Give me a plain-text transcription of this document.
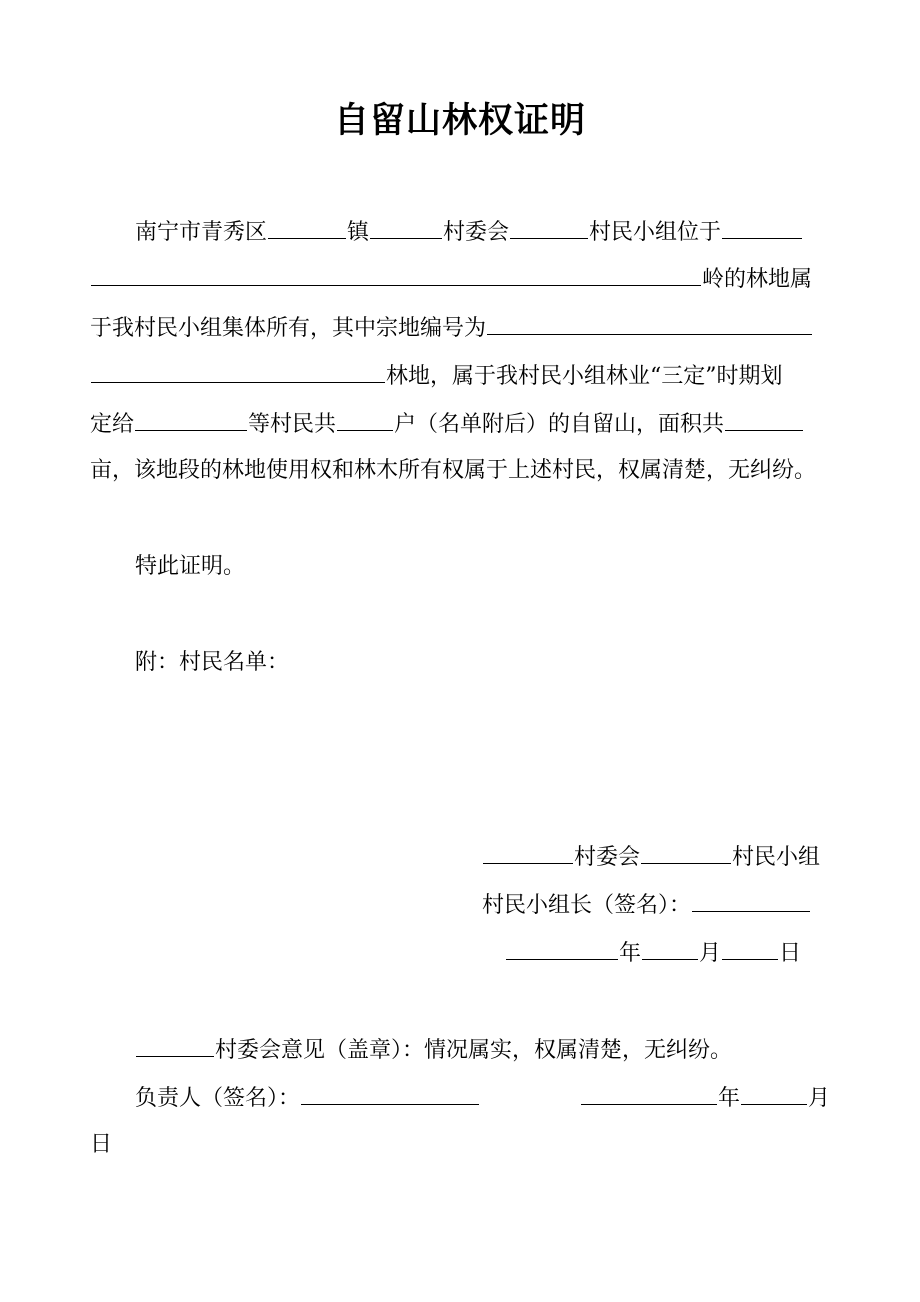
自留山林权证明
南宁市青秀区	镇	村委会	村民小组位于
岭的林地属
于我村民小组集体所有，其中宗地编号为
林地，属于我村民小组林业“三定”时期划
定给	等村民共	户（名单附后）的自留山，面积共
亩，该地段的林地使用权和林木所有权属于上述村民，权属清楚，无纠纷。
特此证明。
附：村民名单：
村委会	村民小组
村民小组长（签名）：
年	月	日
村委会意见（盖章）：情况属实，权属清楚，无纠纷。
负责人（签名）：	年	月
日
